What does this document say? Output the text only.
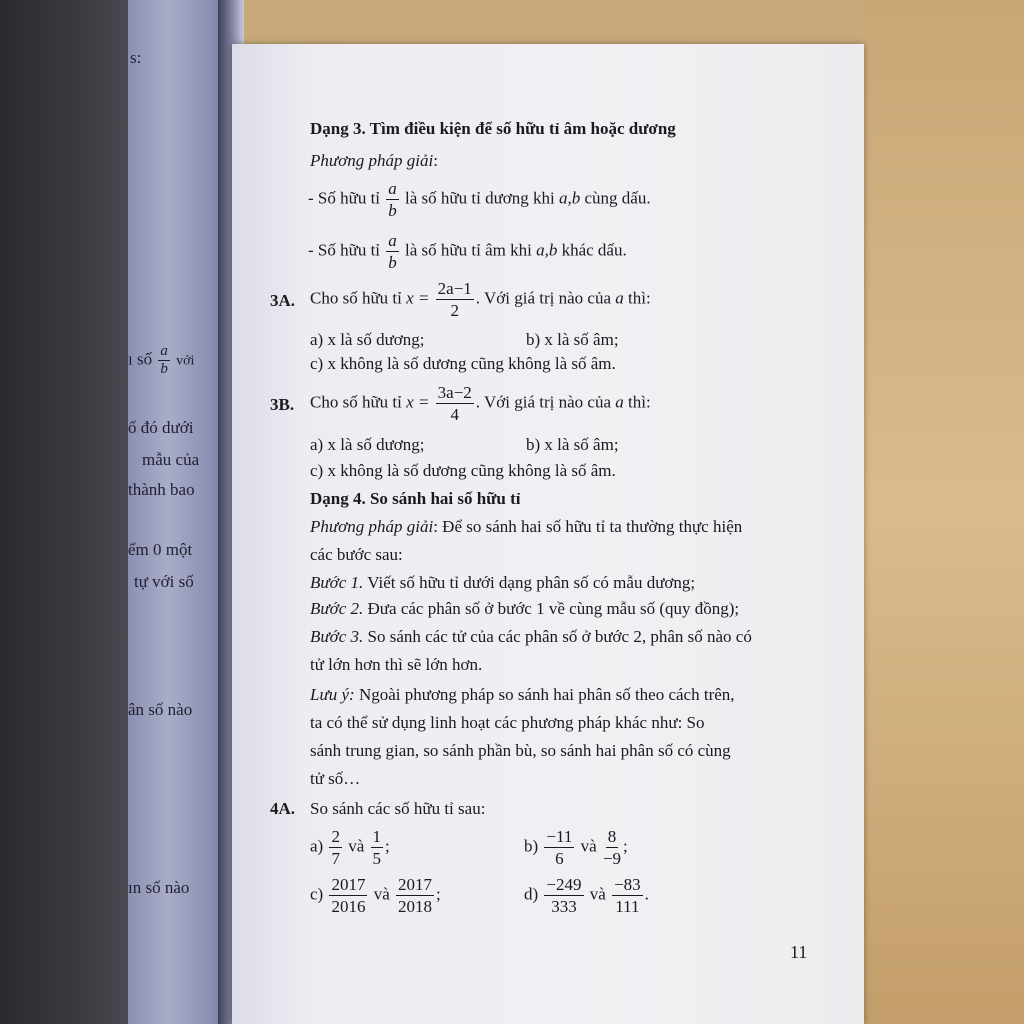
s:
ı số $\frac{a}{b}$ với
ố đó dưới
mẫu của
thành bao
ểm 0 một
tự với số
ân số nào
ın số nào
Dạng 3. Tìm điều kiện để số hữu tỉ âm hoặc dương
Phương pháp giải:
- Số hữu tỉ $\frac{a}{b}$ là số hữu tỉ dương khi a,b cùng dấu.
- Số hữu tỉ $\frac{a}{b}$ là số hữu tỉ âm khi a,b khác dấu.
3A. Cho số hữu tỉ $x = \frac{2a-1}{2}$ . Với giá trị nào của a thì:
a) x là số dương;	b) x là số âm;
c) x không là số dương cũng không là số âm.
3B. Cho số hữu tỉ $x = \frac{3a-2}{4}$ . Với giá trị nào của a thì:
a) x là số dương;	b) x là số âm;
c) x không là số dương cũng không là số âm.
Dạng 4. So sánh hai số hữu tỉ
Phương pháp giải: Để so sánh hai số hữu tỉ ta thường thực hiện
các bước sau:
Bước 1. Viết số hữu tỉ dưới dạng phân số có mẫu dương;
Bước 2. Đưa các phân số ở bước 1 về cùng mẫu số (quy đồng);
Bước 3. So sánh các tử của các phân số ở bước 2, phân số nào có
tử lớn hơn thì sẽ lớn hơn.
Lưu ý: Ngoài phương pháp so sánh hai phân số theo cách trên,
ta có thể sử dụng linh hoạt các phương pháp khác như: So
sánh trung gian, so sánh phần bù, so sánh hai phân số có cùng
tử số…
4A. So sánh các số hữu tỉ sau:
$a) \frac{2}{7}$ và $\frac{1}{5}$ ;	$b) \frac{-11}{6}$ và $\frac{8}{-9}$ ;
$c) \frac{2017}{2016}$ và $\frac{2017}{2018}$ ;	$d) \frac{-249}{333}$ và $\frac{-83}{111}$ .
11
